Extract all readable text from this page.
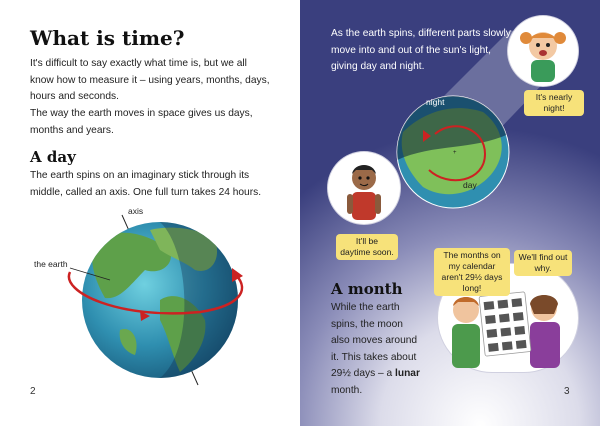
What is time?
It's difficult to say exactly what time is, but we all know how to measure it – using years, months, days, hours and seconds.
The way the earth moves in space gives us days, months and years.
A day
The earth spins on an imaginary stick through its middle, called an axis. One full turn takes 24 hours.
axis
the earth
2
As the earth spins, different parts slowly move into and out of the sun's light, giving day and night.
It's nearly night!
+
night
day
It'll be daytime soon.
A month
While the earth spins, the moon also moves around it. This takes about 29½ days – a lunar month.
The months on my calendar aren't 29½ days long!
We'll find out why.
3
